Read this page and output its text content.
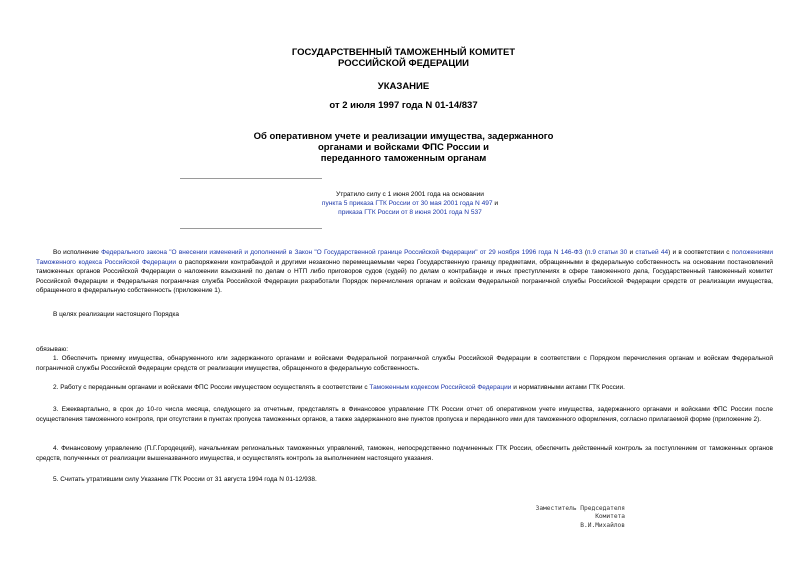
ГОСУДАРСТВЕННЫЙ ТАМОЖЕННЫЙ КОМИТЕТ
РОССИЙСКОЙ ФЕДЕРАЦИИ
УКАЗАНИЕ
от 2 июля 1997 года N 01-14/837
Об оперативном учете и реализации имущества, задержанного
органами и войсками ФПС России и
переданного таможенным органам
Утратило силу с 1 июня 2001 года на основании
пункта 5 приказа ГТК России от 30 мая 2001 года N 497 и
приказа ГТК России от 8 июня 2001 года N 537

Во исполнение Федерального закона "О внесении изменений и дополнений в Закон "О Государственной границе Российской Федерации" от 29 ноября 1996 года N 146-ФЗ (п.9 статьи 30 и статьей 44) и в соответствии с положениями Таможенного кодекса Российской Федерации о распоряжении контрабандой и другими незаконно перемещаемыми через Государственную границу предметами, обращенными в федеральную собственность на основании постановлений таможенных органов Российской Федерации о наложении взысканий по делам о НТП либо приговоров судов (судей) по делам о контрабанде и иных преступлениях в сфере таможенного дела, Государственный таможенный комитет Российской Федерации и Федеральная пограничная служба Российской Федерации разработали Порядок перечисления органам и войскам Федеральной пограничной службы Российской Федерации средств от реализации имущества, обращенного в федеральную собственность (приложение 1).

В целях реализации настоящего Порядка

обязываю:

1. Обеспечить приемку имущества, обнаруженного или задержанного органами и войсками Федеральной пограничной службы Российской Федерации в соответствии с Порядком перечисления органам и войскам Федеральной пограничной службы Российской Федерации средств от реализации имущества, обращенного в федеральную собственность.

2. Работу с переданным органами и войсками ФПС России имуществом осуществлять в соответствии с Таможенным кодексом Российской Федерации и нормативными актами ГТК России.

3. Ежеквартально, в срок до 10-го числа месяца, следующего за отчетным, представлять в Финансовое управление ГТК России отчет об оперативном учете имущества, задержанного органами и войсками ФПС России после осуществления таможенного контроля, при отсутствии в пунктах пропуска таможенных органов, а также задержанного вне пунктов пропуска и переданного ими для таможенного оформления, согласно прилагаемой форме (приложение 2).

4. Финансовому управлению (П.Г.Городецкий), начальникам региональных таможенных управлений, таможен, непосредственно подчиненных ГТК России, обеспечить действенный контроль за поступлением от таможенных органов средств, полученных от реализации вышеназванного имущества, и осуществлять контроль за выполнением настоящего указания.

5. Считать утратившим силу Указание ГТК России от 31 августа 1994 года N 01-12/938.

Заместитель Председателя
Комитета
В.И.Михайлов
